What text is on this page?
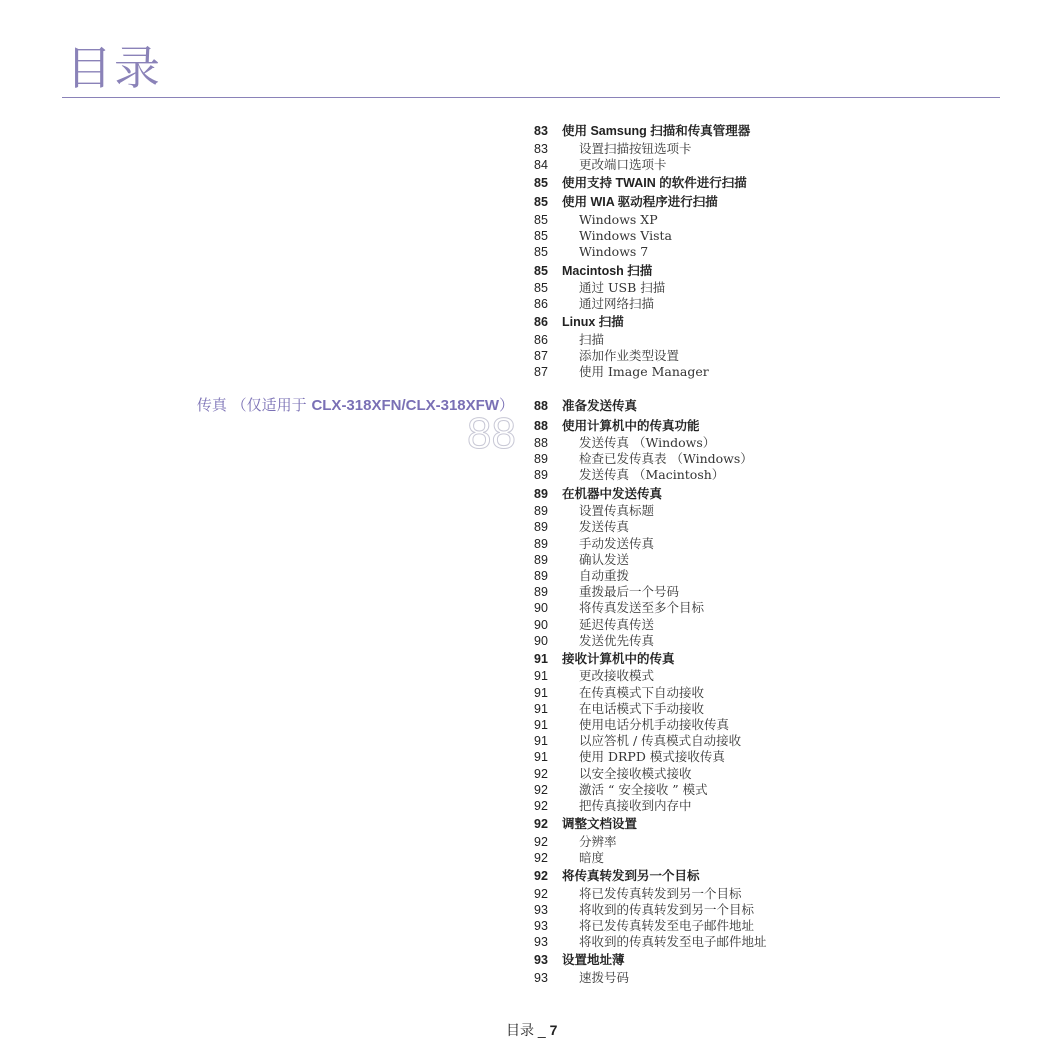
目录
传真 （仅适用于 CLX-318XFN/CLX-318XFW）
88
83	使用 Samsung 扫描和传真管理器
83	设置扫描按钮选项卡
84	更改端口选项卡
85	使用支持 TWAIN 的软件进行扫描
85	使用 WIA 驱动程序进行扫描
85	Windows XP
85	Windows Vista
85	Windows 7
85	Macintosh 扫描
85	通过 USB 扫描
86	通过网络扫描
86	Linux 扫描
86	扫描
87	添加作业类型设置
87	使用 Image Manager
88	准备发送传真
88	使用计算机中的传真功能
88	发送传真 （Windows）
89	检查已发传真表 （Windows）
89	发送传真 （Macintosh）
89	在机器中发送传真
89	设置传真标题
89	发送传真
89	手动发送传真
89	确认发送
89	自动重拨
89	重拨最后一个号码
90	将传真发送至多个目标
90	延迟传真传送
90	发送优先传真
91	接收计算机中的传真
91	更改接收模式
91	在传真模式下自动接收
91	在电话模式下手动接收
91	使用电话分机手动接收传真
91	以应答机 / 传真模式自动接收
91	使用 DRPD 模式接收传真
92	以安全接收模式接收
92	激活 “ 安全接收 ” 模式
92	把传真接收到内存中
92	调整文档设置
92	分辨率
92	暗度
92	将传真转发到另一个目标
92	将已发传真转发到另一个目标
93	将收到的传真转发到另一个目标
93	将已发传真转发至电子邮件地址
93	将收到的传真转发至电子邮件地址
93	设置地址薄
93	速拨号码
目录 _ 7
